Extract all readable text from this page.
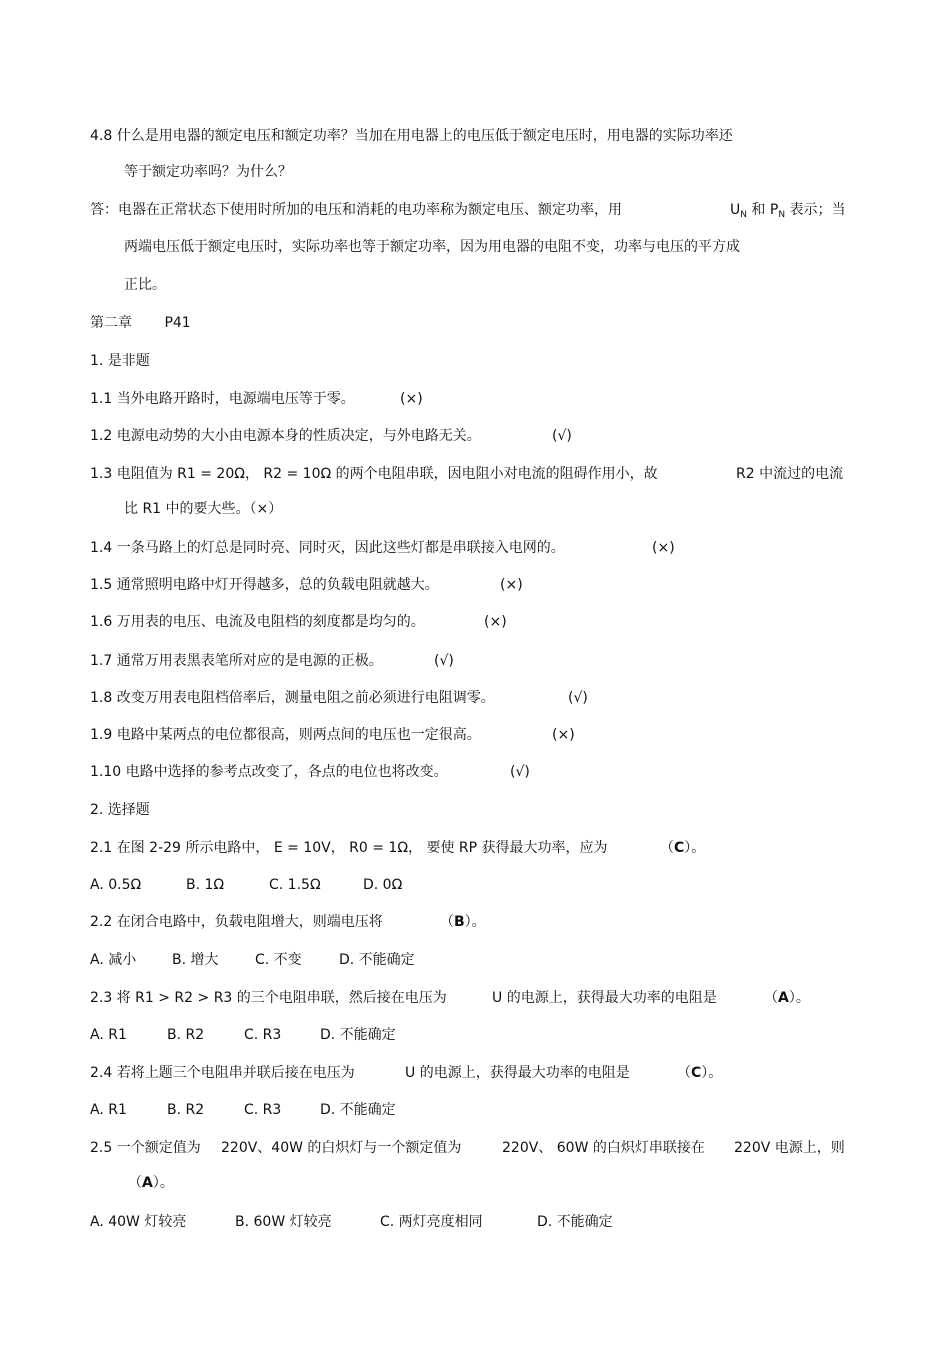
4.8 什么是用电器的额定电压和额定功率？当加在用电器上的电压低于额定电压时，用电器的实际功率还
等于额定功率吗？为什么？
答：电器在正常状态下使用时所加的电压和消耗的电功率称为额定电压、额定功率，用	$U_N$ 和 $P_N$ 表示；当
两端电压低于额定电压时，实际功率也等于额定功率，因为用电器的电阻不变，功率与电压的平方成
正比。
第二章 P41
1. 是非题
1.1 当外电路开路时，电源端电压等于零。	(×)
1.2 电源电动势的大小由电源本身的性质决定，与外电路无关。	(√)
1.3 电阻值为 R1 = 20Ω， R2 = 10Ω 的两个电阻串联，因电阻小对电流的阻碍作用小，故	R2 中流过的电流
比 R1 中的要大些。（×）
1.4 一条马路上的灯总是同时亮、同时灭，因此这些灯都是串联接入电网的。	(×)
1.5 通常照明电路中灯开得越多，总的负载电阻就越大。	(×)
1.6 万用表的电压、电流及电阻档的刻度都是均匀的。	(×)
1.7 通常万用表黑表笔所对应的是电源的正极。	(√)
1.8 改变万用表电阻档倍率后，测量电阻之前必须进行电阻调零。	(√)
1.9 电路中某两点的电位都很高，则两点间的电压也一定很高。	(×)
1.10 电路中选择的参考点改变了，各点的电位也将改变。	(√)
2. 选择题
2.1 在图 2-29 所示电路中， E = 10V， R0 = 1Ω， 要使 RP 获得最大功率，应为	（C）。
A. 0.5Ω	B. 1Ω	C. 1.5Ω	D. 0Ω
2.2 在闭合电路中，负载电阻增大，则端电压将	（B）。
A. 减小	B. 增大	C. 不变	D. 不能确定
2.3 将 R1 > R2 > R3 的三个电阻串联，然后接在电压为	U 的电源上，获得最大功率的电阻是	（A）。
A. R1	B. R2	C. R3	D. 不能确定
2.4 若将上题三个电阻串并联后接在电压为	U 的电源上，获得最大功率的电阻是	（C）。
A. R1	B. R2	C. R3	D. 不能确定
2.5 一个额定值为 220V、40W 的白炽灯与一个额定值为	220V、 60W 的白炽灯串联接在 220V 电源上，则
（A）。
A. 40W 灯较亮	B. 60W 灯较亮	C. 两灯亮度相同	D. 不能确定
